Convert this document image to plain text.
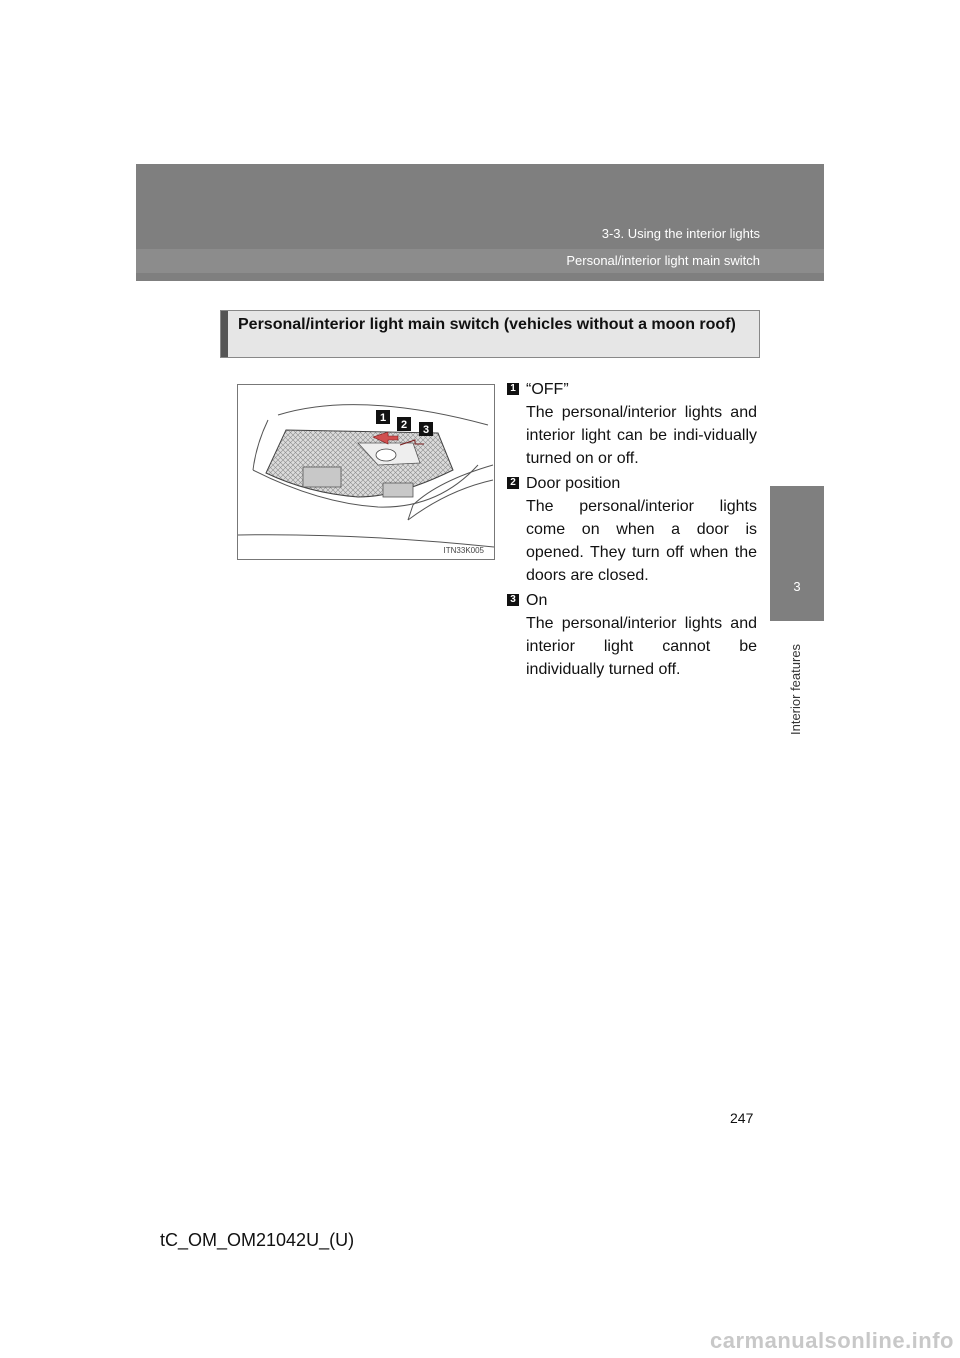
3-3. Using the interior lights
Personal/interior light main switch
3
Interior features
Personal/interior light main switch (vehicles without a moon roof)
1
2 3
ITN33K005
1 “OFF”
The personal/interior lights and interior light can be indi-vidually turned on or off.
2 Door position
The personal/interior lights come on when a door is opened. They turn off when the doors are closed.
3 On
The personal/interior lights and interior light cannot be individually turned off.
247
tC_OM_OM21042U_(U)
carmanualsonline.info
